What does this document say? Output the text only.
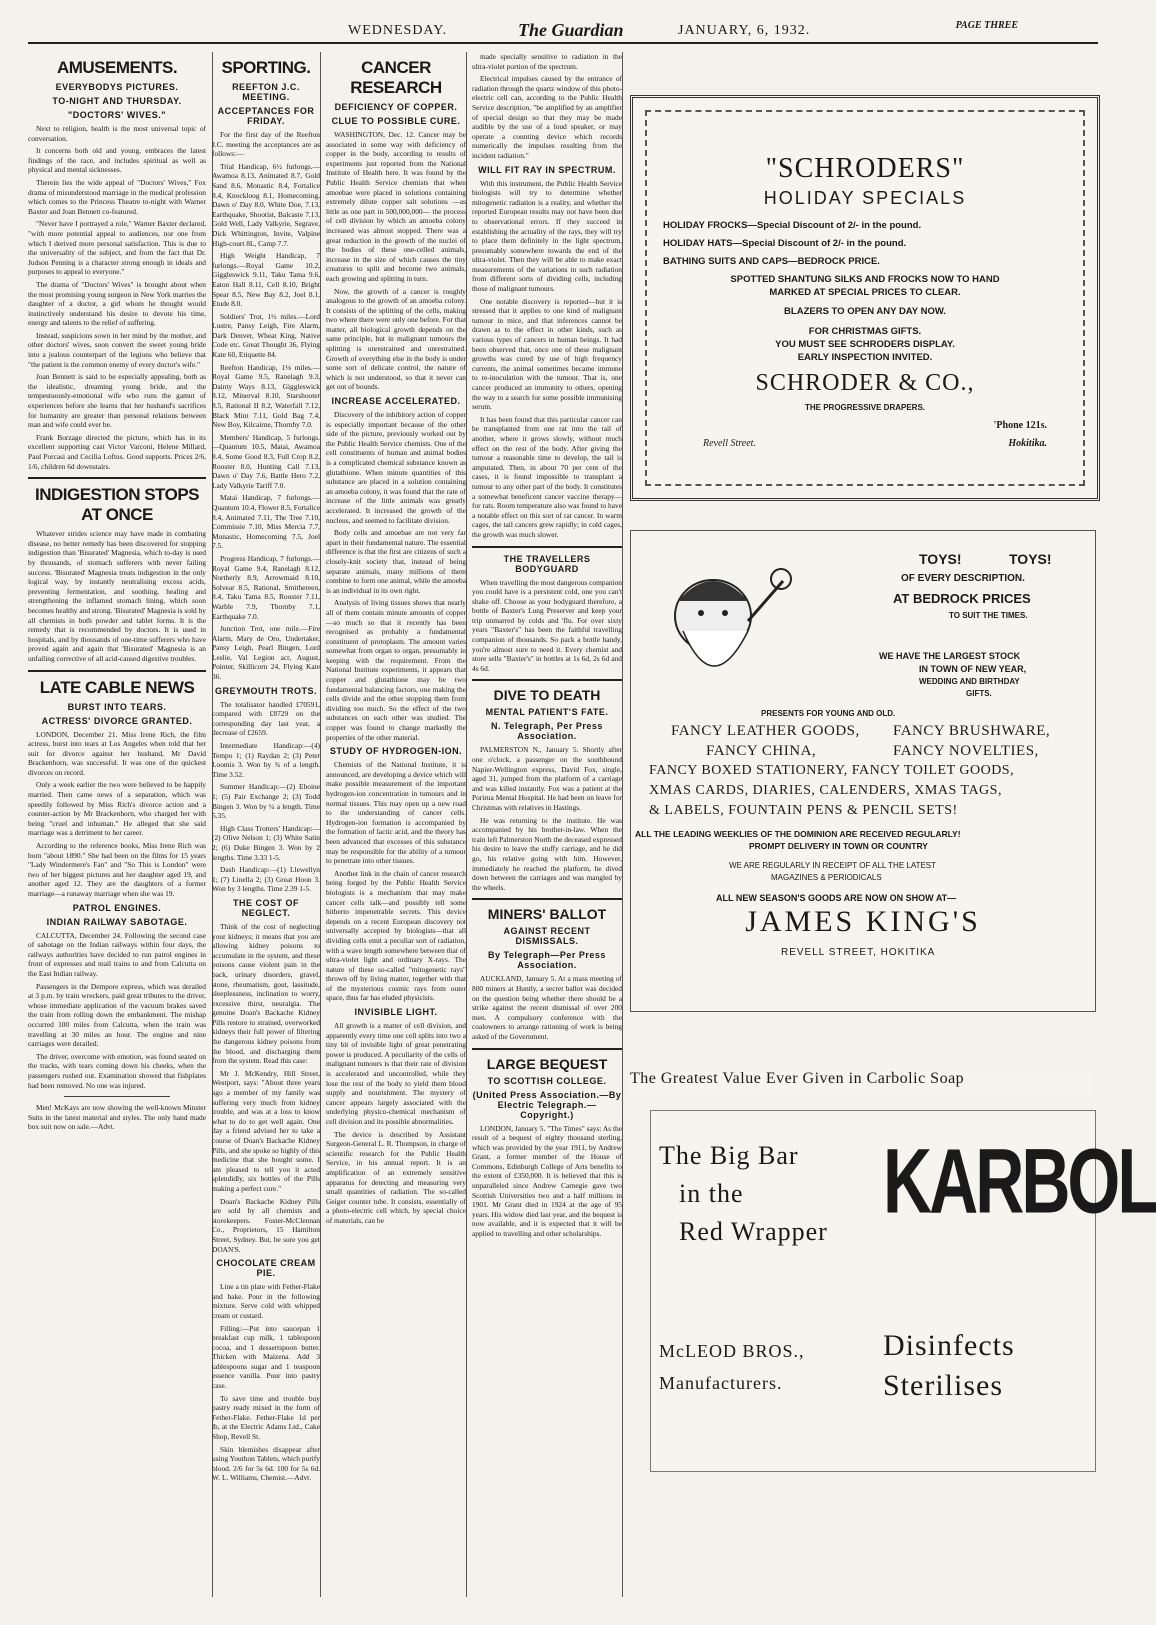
WEDNESDAY.	The Guardian	JANUARY, 6, 1932.	PAGE THREE
AMUSEMENTS.
EVERYBODYS PICTURES.
TO-NIGHT AND THURSDAY.
"DOCTORS' WIVES."

Next to religion, health is the most universal topic of conversation.

It concerns both old and young, embraces the latest findings of the race, and includes spiritual as well as physical and mental sicknesses.

Therein lies the wide appeal of "Doctors' Wives," Fox drama of misunderstood marriage in the medical profession which comes to the Princess Theatre to-night with Warner Baxter and Joan Bennett co-featured.

"Never have I portrayed a role," Warner Baxter declared, "with more potential appeal to audiences, nor one from which I derived more personal satisfaction. This is due to the universality of the subject, and from the fact that Dr. Judson Penning is a character strong enough in ideals and purposes to appeal to everyone."

The drama of "Doctors' Wives" is brought about when the most promising young surgeon in New York marries the daughter of a doctor, a girl whom he thought would instinctively understand his desire to devote his time, energy and talents to the relief of suffering.

Instead, suspicions sown in her mind by the mother, and other doctors' wives, soon convert the sweet young bride into a jealous counterpart of the legions who believe that "the patient is the common enemy of every doctor's wife."

Joan Bennett is said to be especially appealing, both as the idealistic, dreaming young bride, and the tempestuously-emotional wife who runs the gamut of experiences before she learns that her husband's sacrifices for humanity are greater than personal relations between man and wife could ever be.

Frank Borzage directed the picture, which has in its excellent supporting cast Victor Varconi, Helene Millard, Paul Porcasi and Cecilia Loftus. Good supports. Prices 2/6, 1/6, children 6d downstairs.

INDIGESTION STOPS AT ONCE

Whatever strides science may have made in combating disease, no better remedy has been discovered for stopping indigestion than 'Bisurated' Magnesia, which to-day is used by thousands, of stomach sufferers with never failing success. 'Bisurated' Magnesia treats indigestion in the only logical way, by instantly neutralising excess acids, preventing fermentation, and soothing, healing and strengthening the inflamed stomach lining, which soon becomes healthy and strong. 'Bisurated' Magnesia is sold by all chemists in both powder and tablet forms. It is the remedy that is recommended by doctors. It is used in hospitals, and by thousands of one-time sufferers who have proved again and again that 'Bisurated' Magnesia is an unfailing corrective of all acid-caused digestive troubles.

LATE CABLE NEWS
BURST INTO TEARS.
ACTRESS' DIVORCE GRANTED.

LONDON, December 21. Miss Irene Rich, the film actress, burst into tears at Los Angeles when told that her suit for divorce against her husband, Mr David Brackenhorn, was successful. It was one of the quickest divorces on record.

Only a week earlier the two were believed to be happily married. Then came news of a separation, which was speedily followed by Miss Rich's divorce action and a counter-action by Mr Brackenhorn, who charged her with being "cruel and inhuman." He alleged that she said marriage was a detriment to her career.

According to the reference books, Miss Irene Rich was born "about 1890." She had been on the films for 15 years "Lady Windermere's Fan" and "So This is London" were two of her biggest pictures and her daughter aged 19, and another aged 12. They are the daughters of a former marriage—a runaway marriage when she was 19.

PATROL ENGINES.
INDIAN RAILWAY SABOTAGE.

CALCUTTA, December 24. Following the second case of sabotage on the Indian railways within four days, the railways authorities have decided to run patrol engines in front of expresses and mail trains to and from Calcutta on the East Indian railway.

Passengers in the Dempore express, which was derailed at 3 p.m. by train wreckers, paid great tributes to the driver, whose immediate application of the vacuum brakes saved the train from rolling down the embankment. The mishap occurred 100 miles from Calcutta, when the train was travelling at 30 miles an hour. The engine and nine carriages were derailed.

The driver, overcome with emotion, was found seated on the tracks, with tears coming down his cheeks, when the passengers rushed out. Examination showed that fishplates had been removed. No one was injured.

Men! McKays are now showing the well-known Minster Suits in the latest material and styles. The only hand made box suit now on sale.—Advt.

SPORTING.
REEFTON J.C. MEETING.
ACCEPTANCES FOR FRIDAY.

For the first day of the Reefton J.C. meeting the acceptances are as follows:—

Trial Handicap, 6½ furlongs.—Awamoa 8.13, Animated 8.7, Gold Sand 8.6, Monastic 8.4, Fortalice 8.4, Knockloog 8.1, Homecoming, Dawn o' Day 8.0, White Doe, 7.13, Earthquake, Shootist, Balcaste 7.13, Gold Well, Lady Valkyrie, Segrave, Dick Whittington, Invite, Valpine High-court 8L, Camp 7.7.

High Weight Handicap, 7 furlongs.—Royal Game 10.2, Giggleswick 9.11, Taku Tama 9.6, Eaton Hall 8.11, Cell 8.10, Bright Spear 8.5, New Bay 8.2, Joel 8.1, Etude 8.0.

Soldiers' Trot, 1½ miles.—Lord Lustre, Pansy Leigh, Fire Alarm, Dark Denver, Wheat King, Native Code etc. Great Thought 36, Flying Kate 60, Etiquette 84.

Reefton Handicap, 1⅛ miles.—Royal Game 9.5, Ranelagh 9.3, Dainty Ways 8.13, Giggleswick 8.12, Minerval 8.10, Starshooter 8.5, Rational II 8.2, Waterfall 7.12, Black Mint 7.11, Gold Bag 7.4, New Boy, Kilcairne, Thornby 7.0.

Members' Handicap, 5 furlongs.—Quantum 10.5, Matai, Awamoa 8.4, Some Good 8.3, Full Crop 8.2, Rooster 8.0, Hunting Call 7.13, Dawn o' Day 7.6, Battle Hero 7.2, Lady Valkyrie Tariff 7.0.

Matai Handicap, 7 furlongs.—Quantum 10.4, Flower 8.5, Fortalice 8.4, Animated 7.11, The Tree 7.10, Commissie 7.10, Miss Mercia 7.7, Monastic, Homecoming 7.5, Joel 7.5.

Progress Handicap, 7 furlongs.—Royal Game 9.4, Ranelagh 8.12, Northerly 8.9, Arrowmaid 8.10, Solvear 8.5, Rational, Smithereen, 8.4, Taku Tama 8.5, Rooster 7.11, Warble 7.9, Thornby 7.1, Earthquake 7.0.

Junction Trot, one mile.—Fire Alarm, Mary de Oro, Undertaker, Pansy Leigh, Pearl Bingen, Lord Leslie, Val Legion acr, August, Pointer, Skillicorn 24, Flying Kate 36.

GREYMOUTH TROTS.

The totalisator handled £70591, compared with £8729 on the corresponding day last year, a decrease of £2659.

Intermediate Handicap:—(4) Tempo 1; (1) Raydan 2; (3) Peter Loomis 3. Won by ¾ of a length. Time 3.52.

Summer Handicap:—(2) Eboine 1; (5) Pair Exchange 2; (3) Todd Bingen 3. Won by ¼ a length. Time 5.35.

High Class Trotters' Handicap:—(2) Olive Nelson 1; (3) White Satin 2; (6) Duke Bingen 3. Won by 2 lengths. Time 3.33 1-5.

Dash Handicap:—(1) Llewellyn 1; (7) Linella 2; (3) Great Hoon 3. Won by 3 lengths. Time 2.39 1-5.

THE COST OF NEGLECT.

Think of the cost of neglecting your kidneys; it means that you are allowing kidney poisons to accumulate in the system, and these poisons cause violent pain in the back, urinary disorders, gravel, stone, rheumatism, gout, lassitude, sleeplessness, inclination to worry, excessive thirst, neuralgia. The genuine Doan's Backache Kidney Pills restore to strained, overworked kidneys their full power of filtering the dangerous kidney poisons from the blood, and discharging them from the system. Read this case:

Mr J. McKendry, Hill Street, Westport, says: "About three years ago a member of my family was suffering very much from kidney trouble, and was at a loss to know what to do to get well again. One day a friend advised her to take a course of Doan's Backache Kidney Pills, and she spoke so highly of this medicine that she bought some. I am pleased to tell you it acted splendidly, six bottles of the Pills making a perfect cure."

Doan's Backache Kidney Pills are sold by all chemists and storekeepers. Foster-McClennan Co., Proprietors, 15 Hamilton Street, Sydney. But, be sure you get DOAN'S.

CHOCOLATE CREAM PIE.

Line a tin plate with Fether-Flake and bake. Pour in the following mixture. Serve cold with whipped cream or custard.

Filling:—Put into saucepan 1 breakfast cup milk, 1 tablespoon cocoa, and 1 dessertspoon butter. Thicken with Maizena. Add 3 tablespoons sugar and 1 teaspoon essence vanilla. Pour into pastry case.

To save time and trouble buy pastry ready mixed in the form of Fether-Flake. Fether-Flake 1d per lb, at the Electric Adams Ltd., Cake Shop, Revell St.

Skin blemishes disappear after using Youthon Tablets, which purify blood. 2/6 for 5s 6d. 100 for 5s 6d. W. L. Williams, Chemist.—Advt.

CANCER RESEARCH
DEFICIENCY OF COPPER.
CLUE TO POSSIBLE CURE.

WASHINGTON, Dec. 12. Cancer may be associated in some way with deficiency of copper in the body, according to results of experiments just reported from the National Institute of Health here. It was found by the Public Health Service chemists that when amoebae were placed in solutions containing extremely dilute copper salt solutions —as little as one part in 500,000,000— the process of cell division by which an amoeba colony increased was almost stopped. There was a great reduction in the growth of the nuclei of the bodies of these one-celled animals, increase in the size of which causes the tiny creatures to split and become two animals, each growing and splitting in turn.

Now, the growth of a cancer is roughly analogous to the growth of an amoeba colony. It consists of the splitting of the cells, making two where there were only one before. For that matter, all biological growth depends on the same principle, but in malignant tumours the splitting is unrestrained and unrestrained. Growth of everything else in the body is under some sort of delicate control, the nature of which is not understood, so that it never can get out of bounds.

INCREASE ACCELERATED.

Discovery of the inhibitory action of copper is especially important because of the other side of the picture, previously worked out by the Public Health Service chemists. One of the cell constituents of human and animal bodies is a complicated chemical substance known as glutathione. When minute quantities of this substance are placed in a solution containing an amoeba colony, it was found that the rate of increase of the little animals was greatly accelerated. It increased the growth of the nucleus, and seemed to facilitate division.

Body cells and amoebae are not very far apart in their fundamental nature. The essential difference is that the first are citizens of such a closely-knit society that, instead of being separate animals, many millions of them combine to form one animal, while the amoeba is an individual in its own right.

Analysis of living tissues shows that nearly all of them contain minute amounts of copper—so much so that it recently has been recognised as probably a fundamental constituent of protoplasm. The amount varies somewhat from organ to organ, presumably in keeping with the requirement. From the National Institute experiments, it appears that copper and glutathione may be two fundamental balancing factors, one making the cells divide and the other stopping them from dividing too much. So the effect of the two substances on each other was studied. The copper was found to change markedly the properties of the other material.

STUDY OF HYDROGEN-ION.

Chemists of the National Institute, it is announced, are developing a device which will make possible measurement of the important hydrogen-ion concentration in tumours and in normal tissues. This may open up a new road to the understanding of cancer cells. Hydrogen-ion formation is accompanied by the formation of lactic acid, and the theory has been advanced that excesses of this substance may be responsible for the ability of a tumour to penetrate into other tissues.

Another link in the chain of cancer research being forged by the Public Health Service biologists is a mechanism that may make cancer cells talk—and possibly tell some hitherto impenetrable secrets. This device depends on a recent European discovery not universally accepted by biologists—that all dividing cells emit a peculiar sort of radiation, with a wave length somewhere between that of ultra-violet light and ordinary X-rays. The nature of these so-called "mitogenetic rays" thrown off by living matter, together with that of the mysterious cosmic rays from outer space, thus far has eluded physicists.

INVISIBLE LIGHT.

All growth is a matter of cell division, and apparently every time one cell splits into two a tiny bit of invisible light of great penetrating power is produced. A peculiarity of the cells of malignant tumours is that their rate of division is accelerated and uncontrolled, while they lose the rest of the body to yield them blood supply and nourishment. The mystery of cancer appears largely associated with the underlying physico-chemical mechanism of cell division and its possible abnormalities.

The device is described by Assistant Surgeon-General L. R. Thompson, in charge of scientific research for the Public Health Service, in his annual report. It is an amplification of an extremely sensitive apparatus for detecting and measuring very small quantities of radiation. The so-called Geiger counter tube. It consists, essentially of a photo-electric cell which, by special choice of materials, can be

made specially sensitive to radiation in the ultra-violet portion of the spectrum.

Electrical impulses caused by the entrance of radiation through the quartz window of this photo-electric cell can, according to the Public Health Service description, "be amplified by an amplifier of special design so that they may be made audible by the use of a loud speaker, or may operate a counting device which records numerically the impulses resulting from the incident radiation."

WILL FIT RAY IN SPECTRUM.

With this instrument, the Public Health Service biologists will try to determine whether mitogenetic radiation is a reality, and whether the reported European results may not have been due to observational errors. If they succeed in establishing the actuality of the rays, they will try to place them definitely in the light spectrum, presumably somewhere towards the end of the ultra-violet. Then they will be able to make exact measurements of the variations in such radiation from different sorts of dividing cells, including those of malignant tumours.

One notable discovery is reported—but it is stressed that it applies to one kind of malignant tumour in mice, and that inferences cannot be drawn as to the effect in other kinds, such as various types of cancers in human beings. It had been observed that, once one of these malignant growths was cured by use of high frequency currents, the animal sometimes became immune to re-inoculation with the tumour. That is, one cancer produced an immunity to others, opening the way to a search for some possible immunising serum.

It has been found that this particular cancer can be transplanted from one rat into the tail of another, where it grows slowly, without much effect on the rest of the body. After giving the tumour a reasonable time to develop, the tail is amputated. Then, in about 70 per cent of the cases, it is found impossible to transplant a tumour to any other part of the body. It constitutes a somewhat beneficent cancer vaccine therapy—for rats. Room temperature also was found to have a notable effect on this sort of rat cancer. In warm cages, the tail cancers grew rapidly; in cold cages, the growth was much slower.

THE TRAVELLERS BODYGUARD

When travelling the most dangerous companion you could have is a persistent cold, one you can't shake off. Choose as your bodyguard therefore, a bottle of Baxter's Lung Preserver and keep your trip unmarred by colds and 'flu. For over sixty years "Baxter's" has been the faithful travelling companion of thousands. So pack a bottle handy, you're almost sure to need it. Every chemist and store sells "Baxter's" in bottles at 1s 6d, 2s 6d and 4s 6d.

DIVE TO DEATH
MENTAL PATIENT'S FATE.
N. Telegraph, Per Press Association.

PALMERSTON N., January 5. Shortly after one o'clock, a passenger on the southbound Napier-Wellington express, David Fox, single, aged 31, jumped from the platform of a carriage and was killed instantly. Fox was a patient at the Porirua Mental Hospital. He had been on leave for Christmas with relatives in Hastings.

He was returning to the institute. He was accompanied by his brother-in-law. When the train left Palmerston North the deceased expressed his desire to leave the stuffy carriage, and he did go, his relative going with him. However, immediately he reached the platform, he dived down between the carriages and was mangled by the wheels.

MINERS' BALLOT
AGAINST RECENT DISMISSALS.
By Telegraph—Per Press Association.

AUCKLAND, January 5. At a mass meeting of 800 miners at Huntly, a secret ballot was decided on the question being whether there should be a strike against the recent dismissal of over 200 men. A compulsory conference with the coalowners to arrange rationing of work is being asked of the Government.

LARGE BEQUEST
TO SCOTTISH COLLEGE.
(United Press Association.—By Electric Telegraph.—Copyright.)

LONDON, January 5. "The Times" says: As the result of a bequest of eighty thousand sterling, which was provided by the year 1911, by Andrew Grant, a former member of the House of Commons, Edinburgh College of Arts benefits to the extent of £350,000. It is believed that this is unparalleled since Andrew Carnegie gave two Scottish Universities two and a half millions in 1901. Mr Grant died in 1924 at the age of 95 years. His widow died last year, and the bequest is now available, and it is expected that it will be applied to travelling and other scholarships.

"SCHRODERS"
HOLIDAY SPECIALS
HOLIDAY FROCKS—Special Discount of 2/- in the pound.
HOLIDAY HATS—Special Discount of 2/- in the pound.
BATHING SUITS AND CAPS—BEDROCK PRICE.
SPOTTED SHANTUNG SILKS AND FROCKS NOW TO HAND
MARKED AT SPECIAL PRICES TO CLEAR.
BLAZERS TO OPEN ANY DAY NOW.
FOR CHRISTMAS GIFTS.
YOU MUST SEE SCHRODERS DISPLAY.
EARLY INSPECTION INVITED.
SCHRODER & CO.,
THE PROGRESSIVE DRAPERS.
'Phone 121s.
Revell Street.	Hokitika.
TOYS!	TOYS!
OF EVERY DESCRIPTION.
AT BEDROCK PRICES
TO SUIT THE TIMES.
WE HAVE THE LARGEST STOCK
IN TOWN OF NEW YEAR,
WEDDING AND BIRTHDAY
GIFTS.
PRESENTS FOR YOUNG AND OLD.
FANCY LEATHER GOODS, FANCY BRUSHWARE,
FANCY CHINA,	FANCY NOVELTIES,
FANCY BOXED STATIONERY, FANCY TOILET GOODS,
XMAS CARDS, DIARIES, CALENDERS, XMAS TAGS,
& LABELS, FOUNTAIN PENS & PENCIL SETS!
ALL THE LEADING WEEKLIES OF THE DOMINION ARE RECEIVED REGULARLY!
PROMPT DELIVERY IN TOWN OR COUNTRY
WE ARE REGULARLY IN RECEIPT OF ALL THE LATEST
MAGAZINES & PERIODICALS
ALL NEW SEASON'S GOODS ARE NOW ON SHOW AT—
JAMES KING'S
REVELL STREET, HOKITIKA
The Greatest Value Ever Given in Carbolic Soap
The Big Bar
in the
Red Wrapper KARBOL
McLEOD BROS.,
Manufacturers.
Disinfects
Sterilises
